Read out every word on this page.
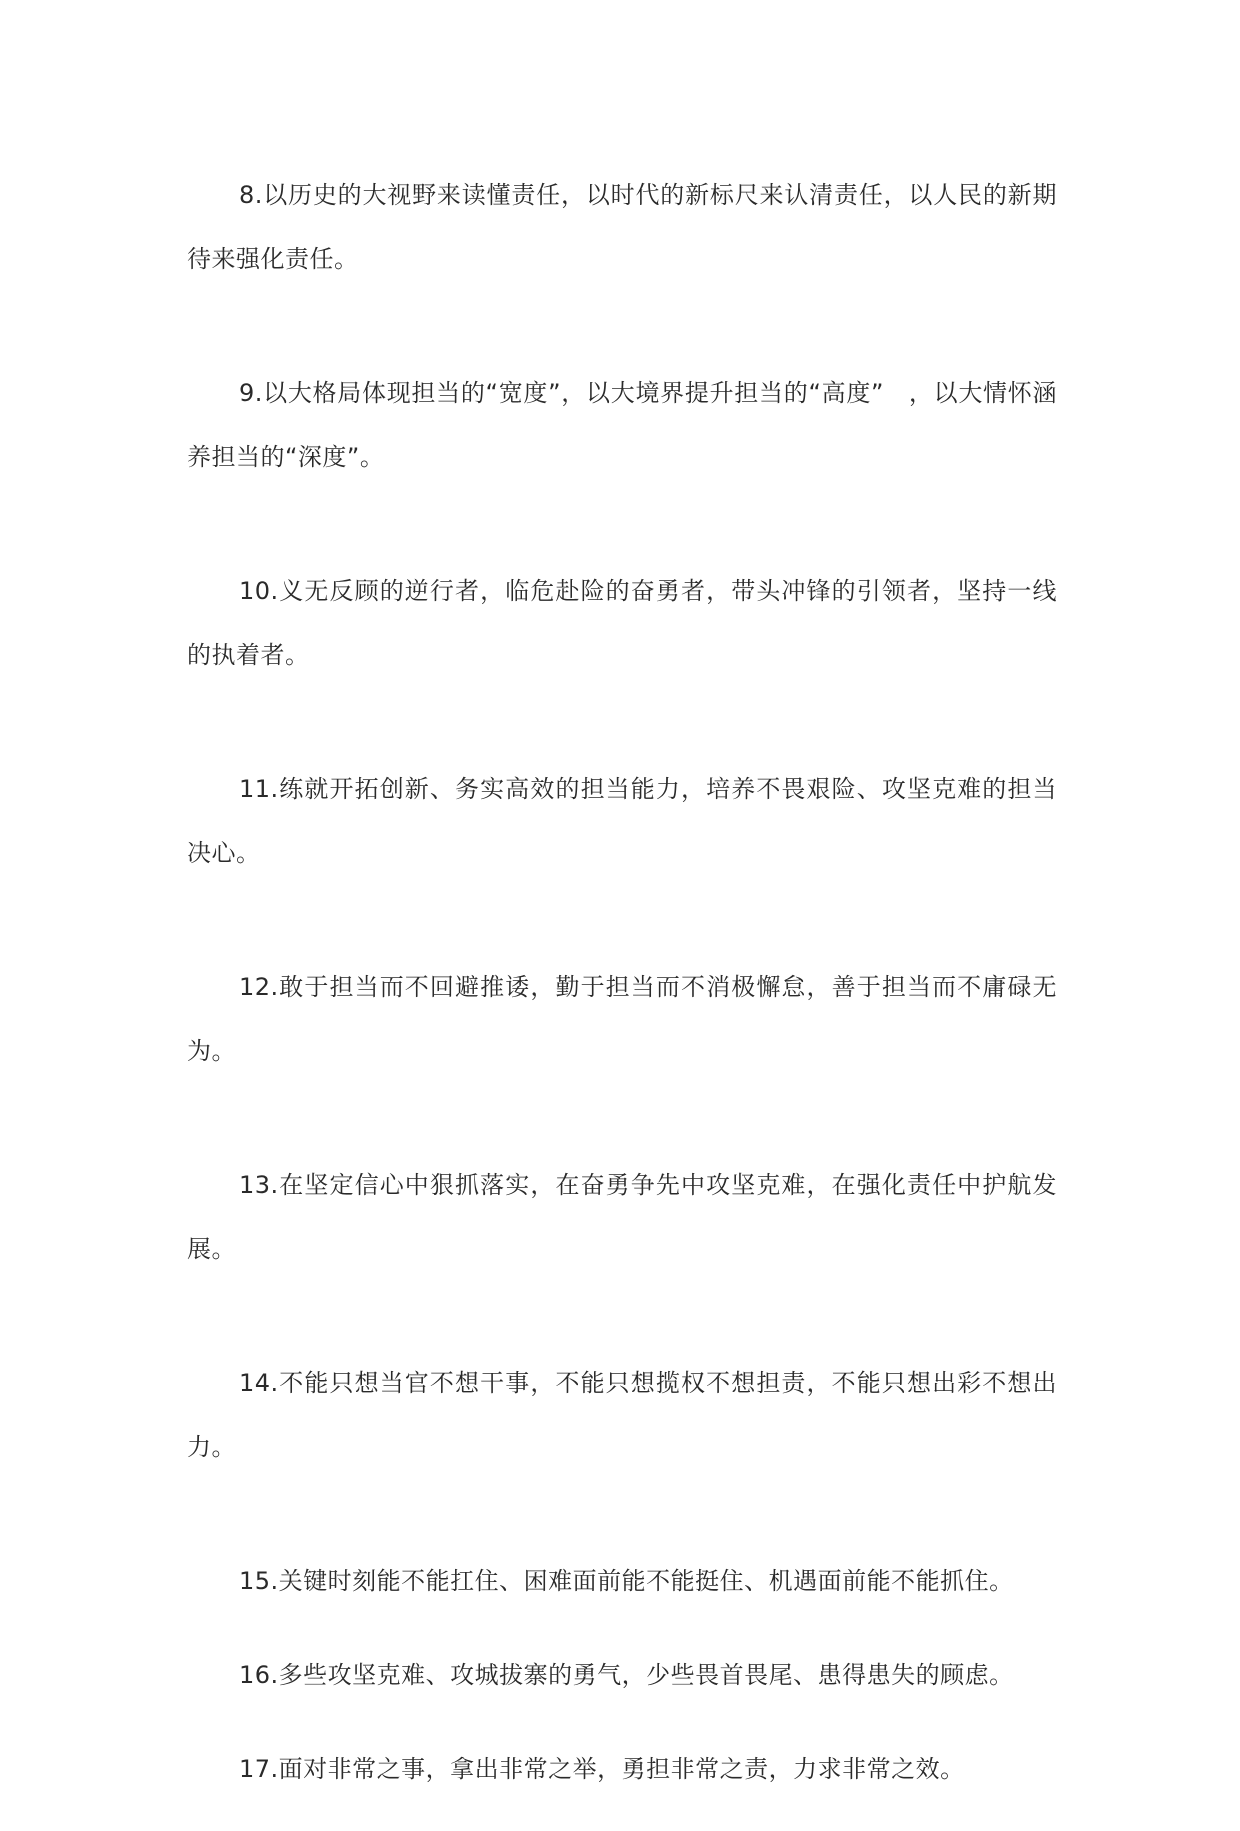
8.以历史的大视野来读懂责任，以时代的新标尺来认清责任，以人民的新期待来强化责任。

9.以大格局体现担当的“宽度”，以大境界提升担当的“高度”　，以大情怀涵养担当的“深度”。

10.义无反顾的逆行者，临危赴险的奋勇者，带头冲锋的引领者，坚持一线的执着者。

11.练就开拓创新、务实高效的担当能力，培养不畏艰险、攻坚克难的担当决心。

12.敢于担当而不回避推诿，勤于担当而不消极懈怠，善于担当而不庸碌无为。

13.在坚定信心中狠抓落实，在奋勇争先中攻坚克难，在强化责任中护航发展。

14.不能只想当官不想干事，不能只想揽权不想担责，不能只想出彩不想出力。

15.关键时刻能不能扛住、困难面前能不能挺住、机遇面前能不能抓住。

16.多些攻坚克难、攻城拔寨的勇气，少些畏首畏尾、患得患失的顾虑。

17.面对非常之事，拿出非常之举，勇担非常之责，力求非常之效。
